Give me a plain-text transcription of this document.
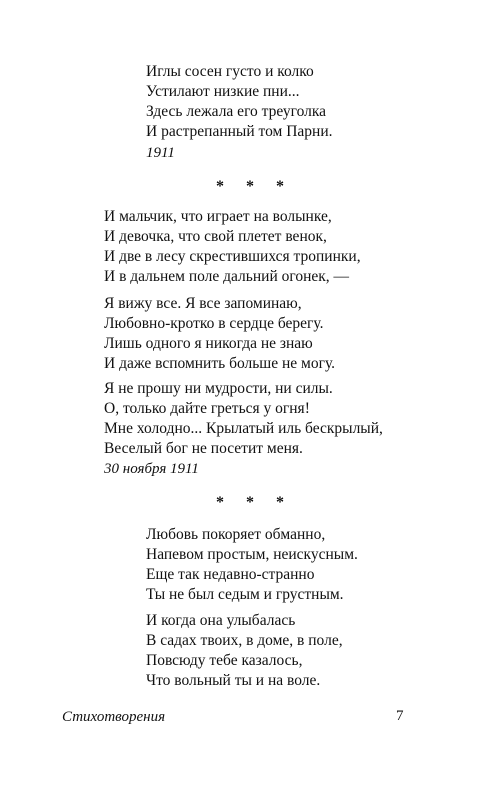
Иглы сосен густо и колко
Устилают низкие пни...
Здесь лежала его треуголка
И растрепанный том Парни.
1911
* * *
И мальчик, что играет на волынке,
И девочка, что свой плетет венок,
И две в лесу скрестившихся тропинки,
И в дальнем поле дальний огонек, —
Я вижу все. Я все запоминаю,
Любовно-кротко в сердце берегу.
Лишь одного я никогда не знаю
И даже вспомнить больше не могу.
Я не прошу ни мудрости, ни силы.
О, только дайте греться у огня!
Мне холодно... Крылатый иль бескрылый,
Веселый бог не посетит меня.
30 ноября 1911
* * *
Любовь покоряет обманно,
Напевом простым, неискусным.
Еще так недавно-странно
Ты не был седым и грустным.
И когда она улыбалась
В садах твоих, в доме, в поле,
Повсюду тебе казалось,
Что вольный ты и на воле.
Стихотворения	7
